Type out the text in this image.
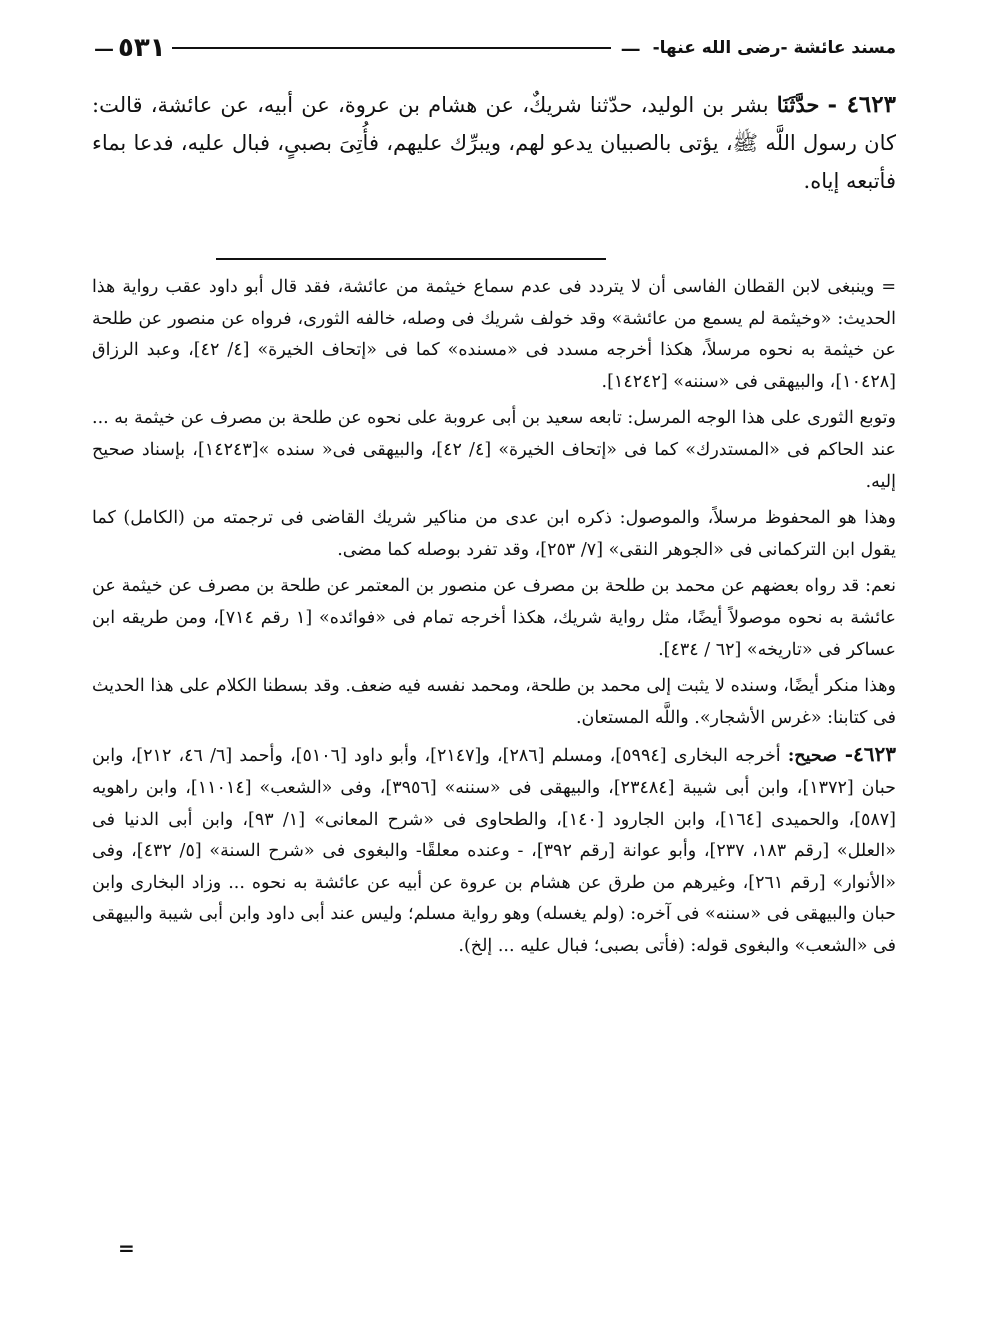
مسند عائشة -رضى الله عنها-
—
٥٣١
—
٤٦٢٣ - حدَّثَنَا بشر بن الوليد، حدّثنا شريكٌ، عن هشام بن عروة، عن أبيه، عن عائشة، قالت: كان رسول اللَّه ﷺ، يؤتى بالصبيان يدعو لهم، ويبرِّك عليهم، فأُتِىَ بصبىٍ، فبال عليه، فدعا بماء فأتبعه إياه.

= وينبغى لابن القطان الفاسى أن لا يتردد فى عدم سماع خيثمة من عائشة، فقد قال أبو داود عقب رواية هذا الحديث: «وخيثمة لم يسمع من عائشة» وقد خولف شريك فى وصله، خالفه الثورى، فرواه عن منصور عن طلحة عن خيثمة به نحوه مرسلاً، هكذا أخرجه مسدد فى «مسنده» كما فى «إتحاف الخيرة» [٤/ ٤٢]، وعبد الرزاق [١٠٤٢٨]، والبيهقى فى «سننه» [١٤٢٤٢].

وتوبع الثورى على هذا الوجه المرسل: تابعه سعيد بن أبى عروبة على نحوه عن طلحة بن مصرف عن خيثمة به ... عند الحاكم فى «المستدرك» كما فى «إتحاف الخيرة» [٤/ ٤٢]، والبيهقى فى« سنده »[١٤٢٤٣]، بإسناد صحيح إليه.

وهذا هو المحفوظ مرسلاً، والموصول: ذكره ابن عدى من مناكير شريك القاضى فى ترجمته من (الكامل) كما يقول ابن التركمانى فى «الجوهر النقى» [٧/ ٢٥٣]، وقد تفرد بوصله كما مضى.

نعم: قد رواه بعضهم عن محمد بن طلحة بن مصرف عن منصور بن المعتمر عن طلحة بن مصرف عن خيثمة عن عائشة به نحوه موصولاً أيضًا، مثل رواية شريك، هكذا أخرجه تمام فى «فوائده» [١ رقم ٧١٤]، ومن طريقه ابن عساكر فى «تاريخه» [٦٢ / ٤٣٤].

وهذا منكر أيضًا، وسنده لا يثبت إلى محمد بن طلحة، ومحمد نفسه فيه ضعف. وقد بسطنا الكلام على هذا الحديث فى كتابنا: «غرس الأشجار». واللَّه المستعان.

٤٦٢٣- صحيح: أخرجه البخارى [٥٩٩٤]، ومسلم [٢٨٦]، و[٢١٤٧]، وأبو داود [٥١٠٦]، وأحمد [٦/ ٤٦، ٢١٢]، وابن حبان [١٣٧٢]، وابن أبى شيبة [٢٣٤٨٤]، والبيهقى فى «سننه» [٣٩٥٦]، وفى «الشعب» [١١٠١٤]، وابن راهويه [٥٨٧]، والحميدى [١٦٤]، وابن الجارود [١٤٠]، والطحاوى فى «شرح المعانى» [١/ ٩٣]، وابن أبى الدنيا فى «العلل» [رقم ١٨٣، ٢٣٧]، وأبو عوانة [رقم ٣٩٢]، - وعنده معلقًا- والبغوى فى «شرح السنة» [٥/ ٤٣٢]، وفى «الأنوار» [رقم ٢٦١]، وغيرهم من طرق عن هشام بن عروة عن أبيه عن عائشة به نحوه ... وزاد البخارى وابن حبان والبيهقى فى «سننه» فى آخره: (ولم يغسله) وهو رواية مسلم؛ وليس عند أبى داود وابن أبى شيبة والبيهقى فى «الشعب» والبغوى قوله: (فأتى بصبى؛ فبال عليه ... إلخ).

=
